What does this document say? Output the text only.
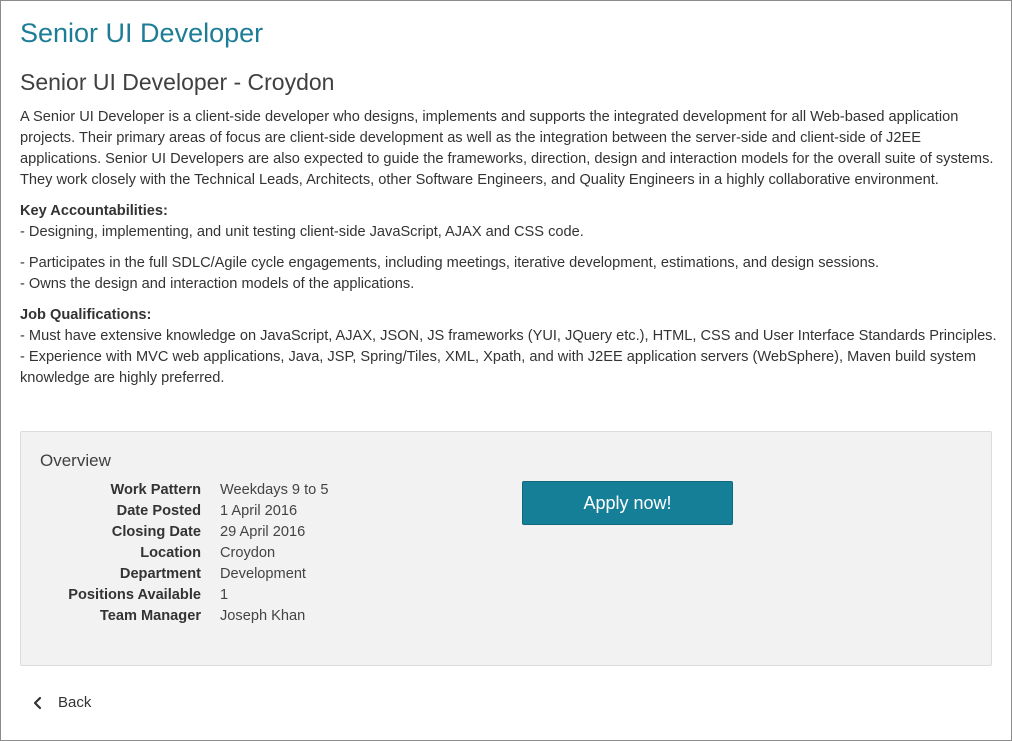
Senior UI Developer
Senior UI Developer - Croydon

A Senior UI Developer is a client-side developer who designs, implements and supports the integrated development for all Web-based application projects. Their primary areas of focus are client-side development as well as the integration between the server-side and client-side of J2EE applications. Senior UI Developers are also expected to guide the frameworks, direction, design and interaction models for the overall suite of systems. They work closely with the Technical Leads, Architects, other Software Engineers, and Quality Engineers in a highly collaborative environment.

Key Accountabilities:

- Designing, implementing, and unit testing client-side JavaScript, AJAX and CSS code.

- Participates in the full SDLC/Agile cycle engagements, including meetings, iterative development, estimations, and design sessions.

- Owns the design and interaction models of the applications.

Job Qualifications:

- Must have extensive knowledge on JavaScript, AJAX, JSON, JS frameworks (YUI, JQuery etc.), HTML, CSS and User Interface Standards Principles.

- Experience with MVC web applications, Java, JSP, Spring/Tiles, XML, Xpath, and with J2EE application servers (WebSphere), Maven build system knowledge are highly preferred.

Overview
Work Pattern Weekdays 9 to 5
Date Posted 1 April 2016
Closing Date 29 April 2016
Location Croydon
Department Development
Positions Available 1
Team Manager Joseph Khan
Apply now!
Back
